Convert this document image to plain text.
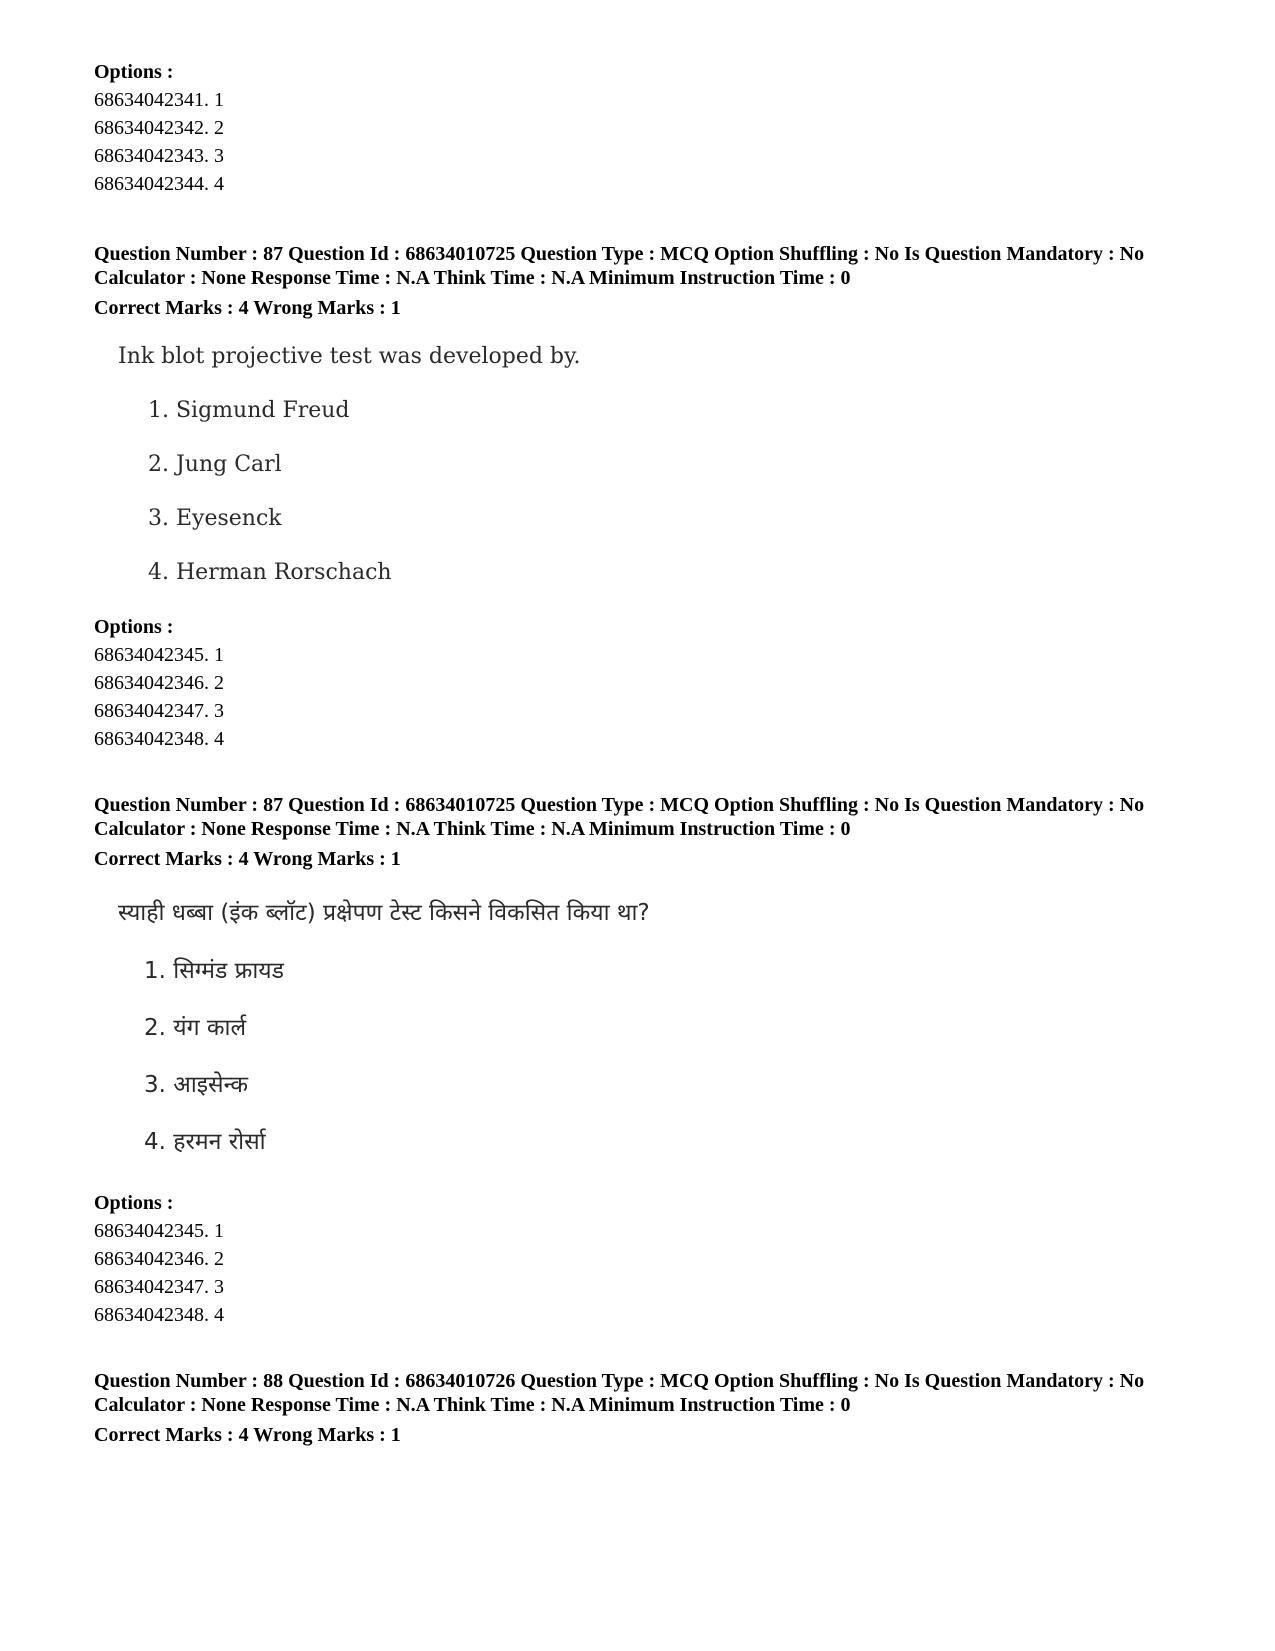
Options :
68634042341. 1
68634042342. 2
68634042343. 3
68634042344. 4
Question Number : 87 Question Id : 68634010725 Question Type : MCQ Option Shuffling : No Is Question Mandatory : No Calculator : None Response Time : N.A Think Time : N.A Minimum Instruction Time : 0
Correct Marks : 4 Wrong Marks : 1
Ink blot projective test was developed by.
1. Sigmund Freud
2. Jung Carl
3. Eyesenck
4. Herman Rorschach
Options :
68634042345. 1
68634042346. 2
68634042347. 3
68634042348. 4
Question Number : 87 Question Id : 68634010725 Question Type : MCQ Option Shuffling : No Is Question Mandatory : No Calculator : None Response Time : N.A Think Time : N.A Minimum Instruction Time : 0
Correct Marks : 4 Wrong Marks : 1
स्याही धब्बा (इंक ब्लॉट) प्रक्षेपण टेस्ट किसने विकसित किया था?
1. सिग्मंड फ्रायड
2. यंग कार्ल
3. आइसेन्क
4. हरमन रोर्सा
Options :
68634042345. 1
68634042346. 2
68634042347. 3
68634042348. 4
Question Number : 88 Question Id : 68634010726 Question Type : MCQ Option Shuffling : No Is Question Mandatory : No Calculator : None Response Time : N.A Think Time : N.A Minimum Instruction Time : 0
Correct Marks : 4 Wrong Marks : 1
